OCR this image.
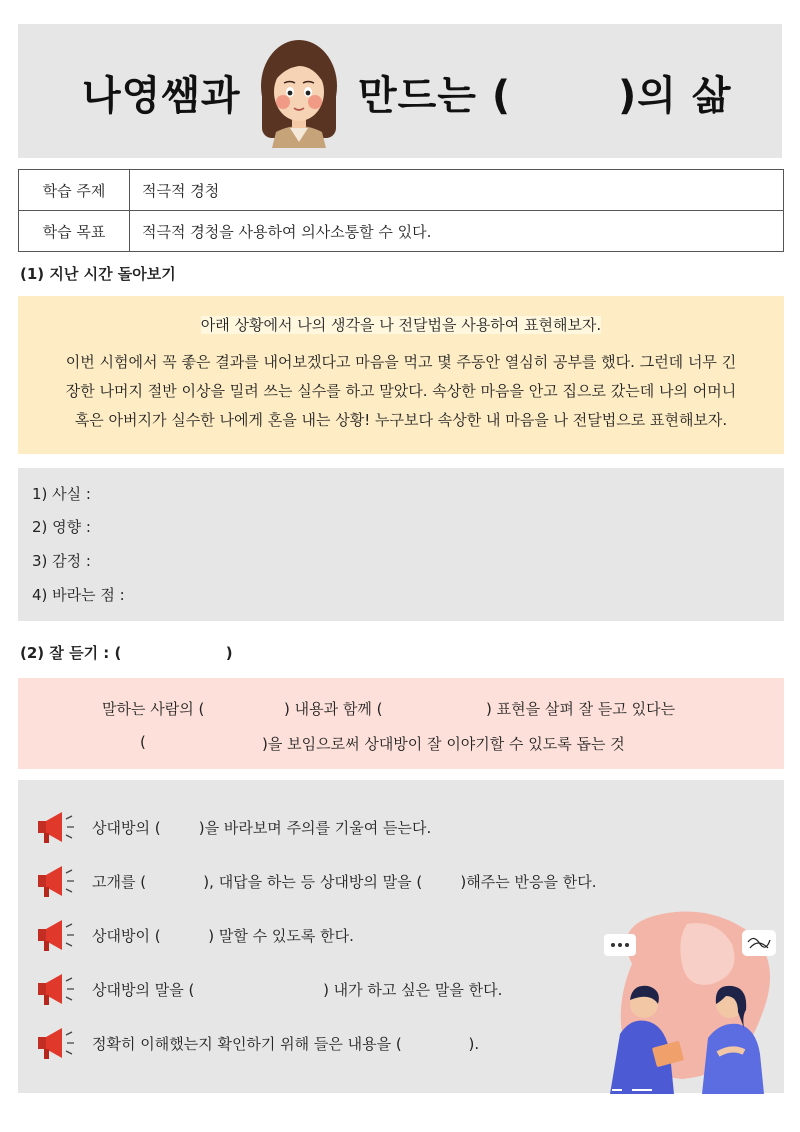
나영쌤과	만드는 (	)의 삶
학습 주제	적극적 경청
학습 목표	적극적 경청을 사용하여 의사소통할 수 있다.
(1) 지난 시간 돌아보기
아래 상황에서 나의 생각을 나 전달법을 사용하여 표현해보자.
이번 시험에서 꼭 좋은 결과를 내어보겠다고 마음을 먹고 몇 주동안 열심히 공부를 했다. 그런데 너무 긴
장한 나머지 절반 이상을 밀려 쓰는 실수를 하고 말았다. 속상한 마음을 안고 집으로 갔는데 나의 어머니
혹은 아버지가 실수한 나에게 혼을 내는 상황! 누구보다 속상한 내 마음을 나 전달법으로 표현해보자.
1) 사실 :
2) 영향 :
3) 감정 :
4) 바라는 점 :
(2) 잘 듣기 : (                    )
말하는 사람의 (	) 내용과 함께 (	) 표현을 살펴 잘 듣고 있다는
(	)을 보임으로써 상대방이 잘 이야기할 수 있도록 돕는 것
상대방의 (        )을 바라보며 주의를 기울여 듣는다.
고개를 (            ), 대답을 하는 등 상대방의 말을 (        )해주는 반응을 한다.
상대방이 (          ) 말할 수 있도록 한다.
상대방의 말을 (                           ) 내가 하고 싶은 말을 한다.
정확히 이해했는지 확인하기 위해 들은 내용을 (              ).
